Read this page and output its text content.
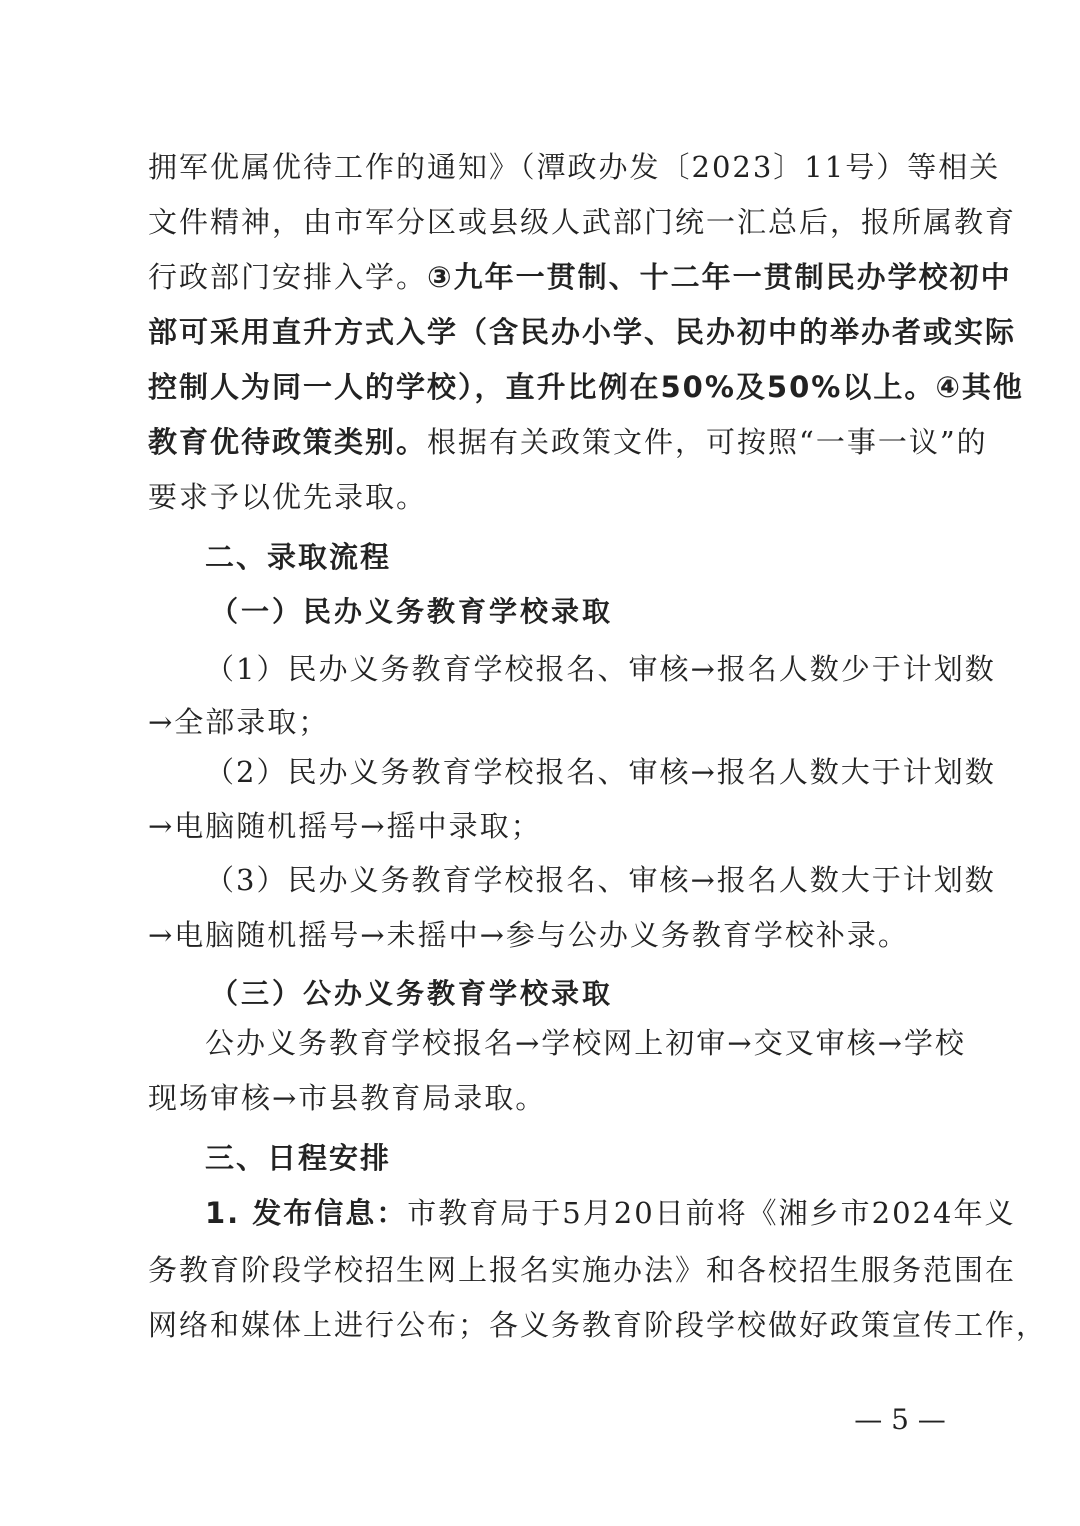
拥军优属优待工作的通知》（潭政办发〔2023〕11号）等相关
文件精神，由市军分区或县级人武部门统一汇总后，报所属教育
行政部门安排入学。③九年一贯制、十二年一贯制民办学校初中
部可采用直升方式入学（含民办小学、民办初中的举办者或实际
控制人为同一人的学校），直升比例在50%及50%以上。④其他
教育优待政策类别。根据有关政策文件，可按照“一事一议”的
要求予以优先录取。
二、录取流程
（一）民办义务教育学校录取
（1）民办义务教育学校报名、审核→报名人数少于计划数
→全部录取；
（2）民办义务教育学校报名、审核→报名人数大于计划数
→电脑随机摇号→摇中录取；
（3）民办义务教育学校报名、审核→报名人数大于计划数
→电脑随机摇号→未摇中→参与公办义务教育学校补录。
（三）公办义务教育学校录取
公办义务教育学校报名→学校网上初审→交叉审核→学校
现场审核→市县教育局录取。
三、日程安排
1. 发布信息：市教育局于5月20日前将《湘乡市2024年义
务教育阶段学校招生网上报名实施办法》和各校招生服务范围在
网络和媒体上进行公布；各义务教育阶段学校做好政策宣传工作，
— 5 —
